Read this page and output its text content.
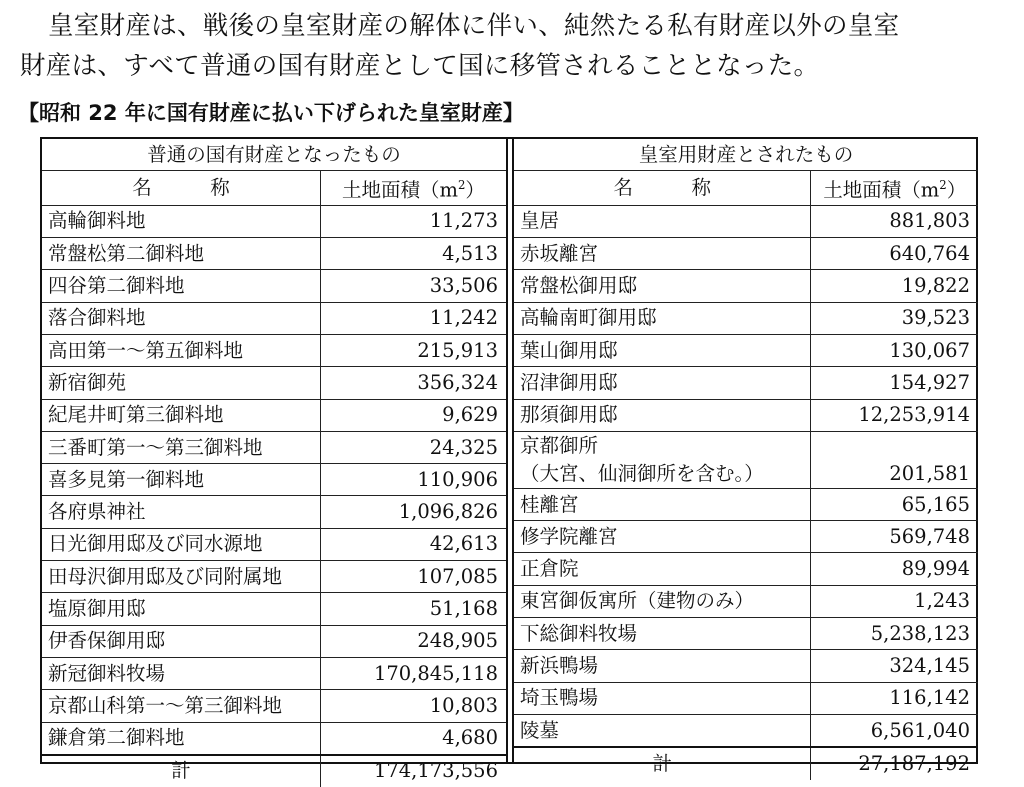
皇室財産は、戦後の皇室財産の解体に伴い、純然たる私有財産以外の皇室
財産は、すべて普通の国有財産として国に移管されることとなった。

【昭和 22 年に国有財産に払い下げられた皇室財産】
普通の国有財産となったもの	
名　　　称	土地面積$(m^2)$
高輪御料地	11,273
常盤松第二御料地	4,513
四谷第二御料地	33,506
落合御料地	11,242
高田第一～第五御料地	215,913
新宿御苑	356,324
紀尾井町第三御料地	9,629
三番町第一～第三御料地	24,325
喜多見第一御料地	110,906
各府県神社	1,096,826
日光御用邸及び同水源地	42,613
田母沢御用邸及び同附属地	107,085
塩原御用邸	51,168
伊香保御用邸	248,905
新冠御料牧場	170,845,118
京都山科第一～第三御料地	10,803
鎌倉第二御料地	4,680
計	174,173,556
皇室用財産とされたもの	
名　　　称	土地面積$(m^2)$
皇居	881,803
赤坂離宮	640,764
常盤松御用邸	19,822
高輪南町御用邸	39,523
葉山御用邸	130,067
沼津御用邸	154,927
那須御用邸	12,253,914

京都御所
（大宮、仙洞御所を含む。）	201,581

桂離宮	65,165
修学院離宮	569,748
正倉院	89,994
東宮御仮寓所（建物のみ）	1,243
下総御料牧場	5,238,123
新浜鴨場	324,145
埼玉鴨場	116,142
陵墓	6,561,040
計	27,187,192
